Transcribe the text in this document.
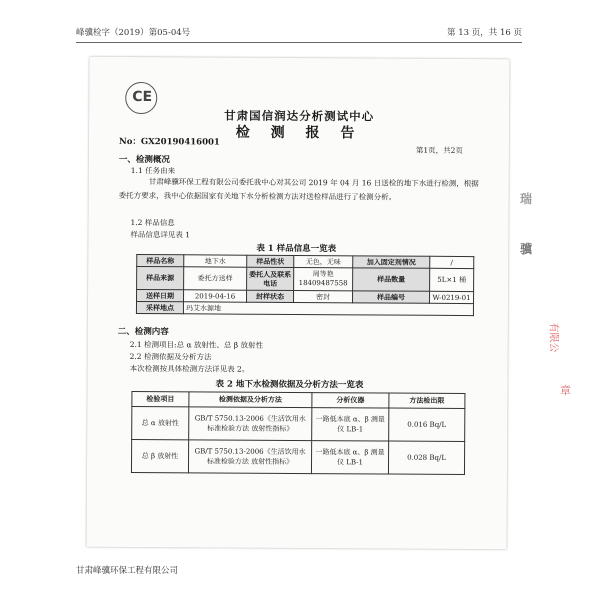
峰骥检字（2019）第05-04号	第 13 页，共 16 页
CE
甘肃国信润达分析测试中心
检 测 报 告
No：GX20190416001
第1页，共2页
一、检测概况
1.1 任务由来
甘肃峰骥环保工程有限公司委托我中心对其公司 2019 年 04 月 16 日送检的地下水进行检测，根据委托方要求，我中心依据国家有关地下水分析检测方法对送检样品进行了检测分析。
1.2 样品信息
样品信息详见表 1
表 1 样品信息一览表
样品名称	地下水	样品性状	无色，无味	加入固定剂情况	/
样品来源	委托方送样	委托人及联系电话	周等艳 18409487558	样品数量	5L×1 桶
送样日期	2019-04-16	封样状态	密封	样品编号	W-0219-01
采样地点	玛艾水源地				
二、检测内容
2.1 检测项目:总 α 放射性、总 β 放射性
2.2 检测依据及分析方法
本次检测按具体检测方法详见表 2。
表 2 地下水检测依据及分析方法一览表
检验项目	检测依据及分析方法	分析仪器	方法检出限
总 α 放射性	GB/T 5750.13-2006《生活饮用水标准检验方法 放射性指标》	一路低本底 α、β 测量仪 LB-1	0.016 Bq/L
总 β 放射性	GB/T 5750.13-2006《生活饮用水标准检验方法 放射性指标》	一路低本底 α、β 测量仪 LB-1	0.028 Bq/L
瑞
骥
有限公
章
甘肃峰骥环保工程有限公司
